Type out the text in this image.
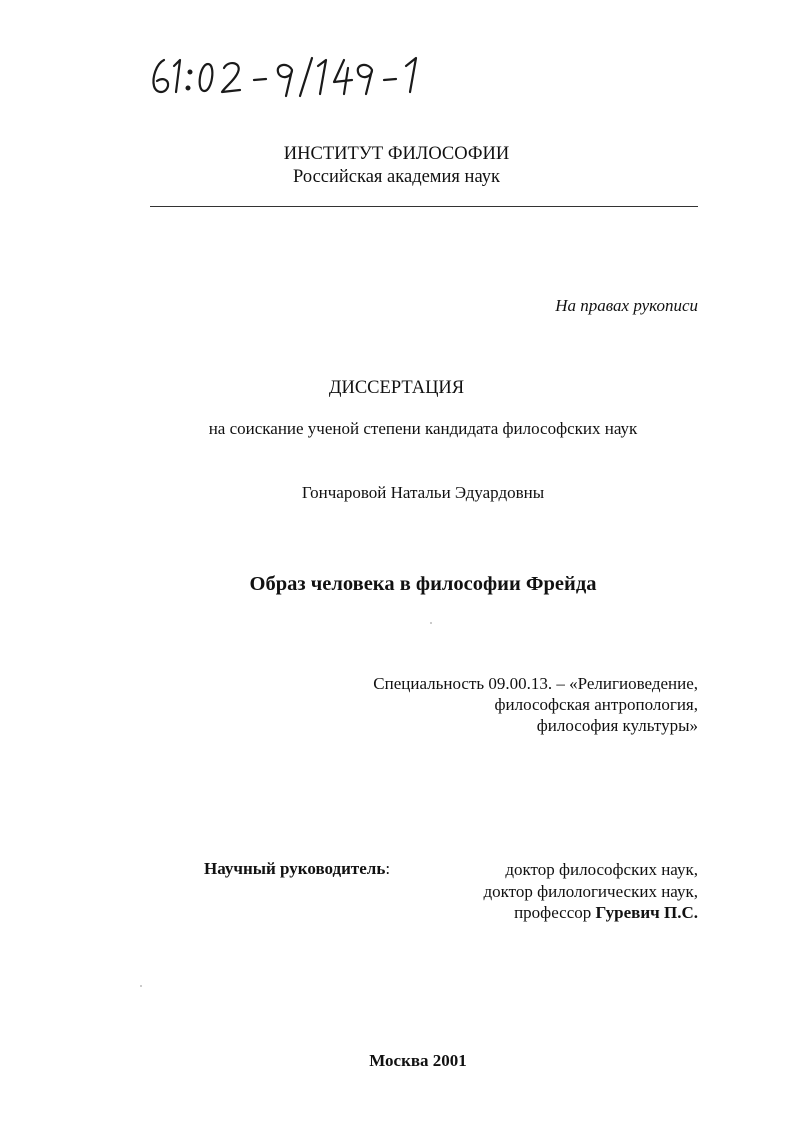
ИНСТИТУТ ФИЛОСОФИИ
Российская академия наук
На правах рукописи
ДИССЕРТАЦИЯ
на соискание ученой степени кандидата философских наук
Гончаровой Натальи Эдуардовны
Образ человека в философии Фрейда
Специальность 09.00.13. – «Религиоведение,
философская антропология,
философия культуры»
Научный руководитель:	доктор философских наук,
доктор филологических наук,
профессор Гуревич П.С.
Москва 2001
